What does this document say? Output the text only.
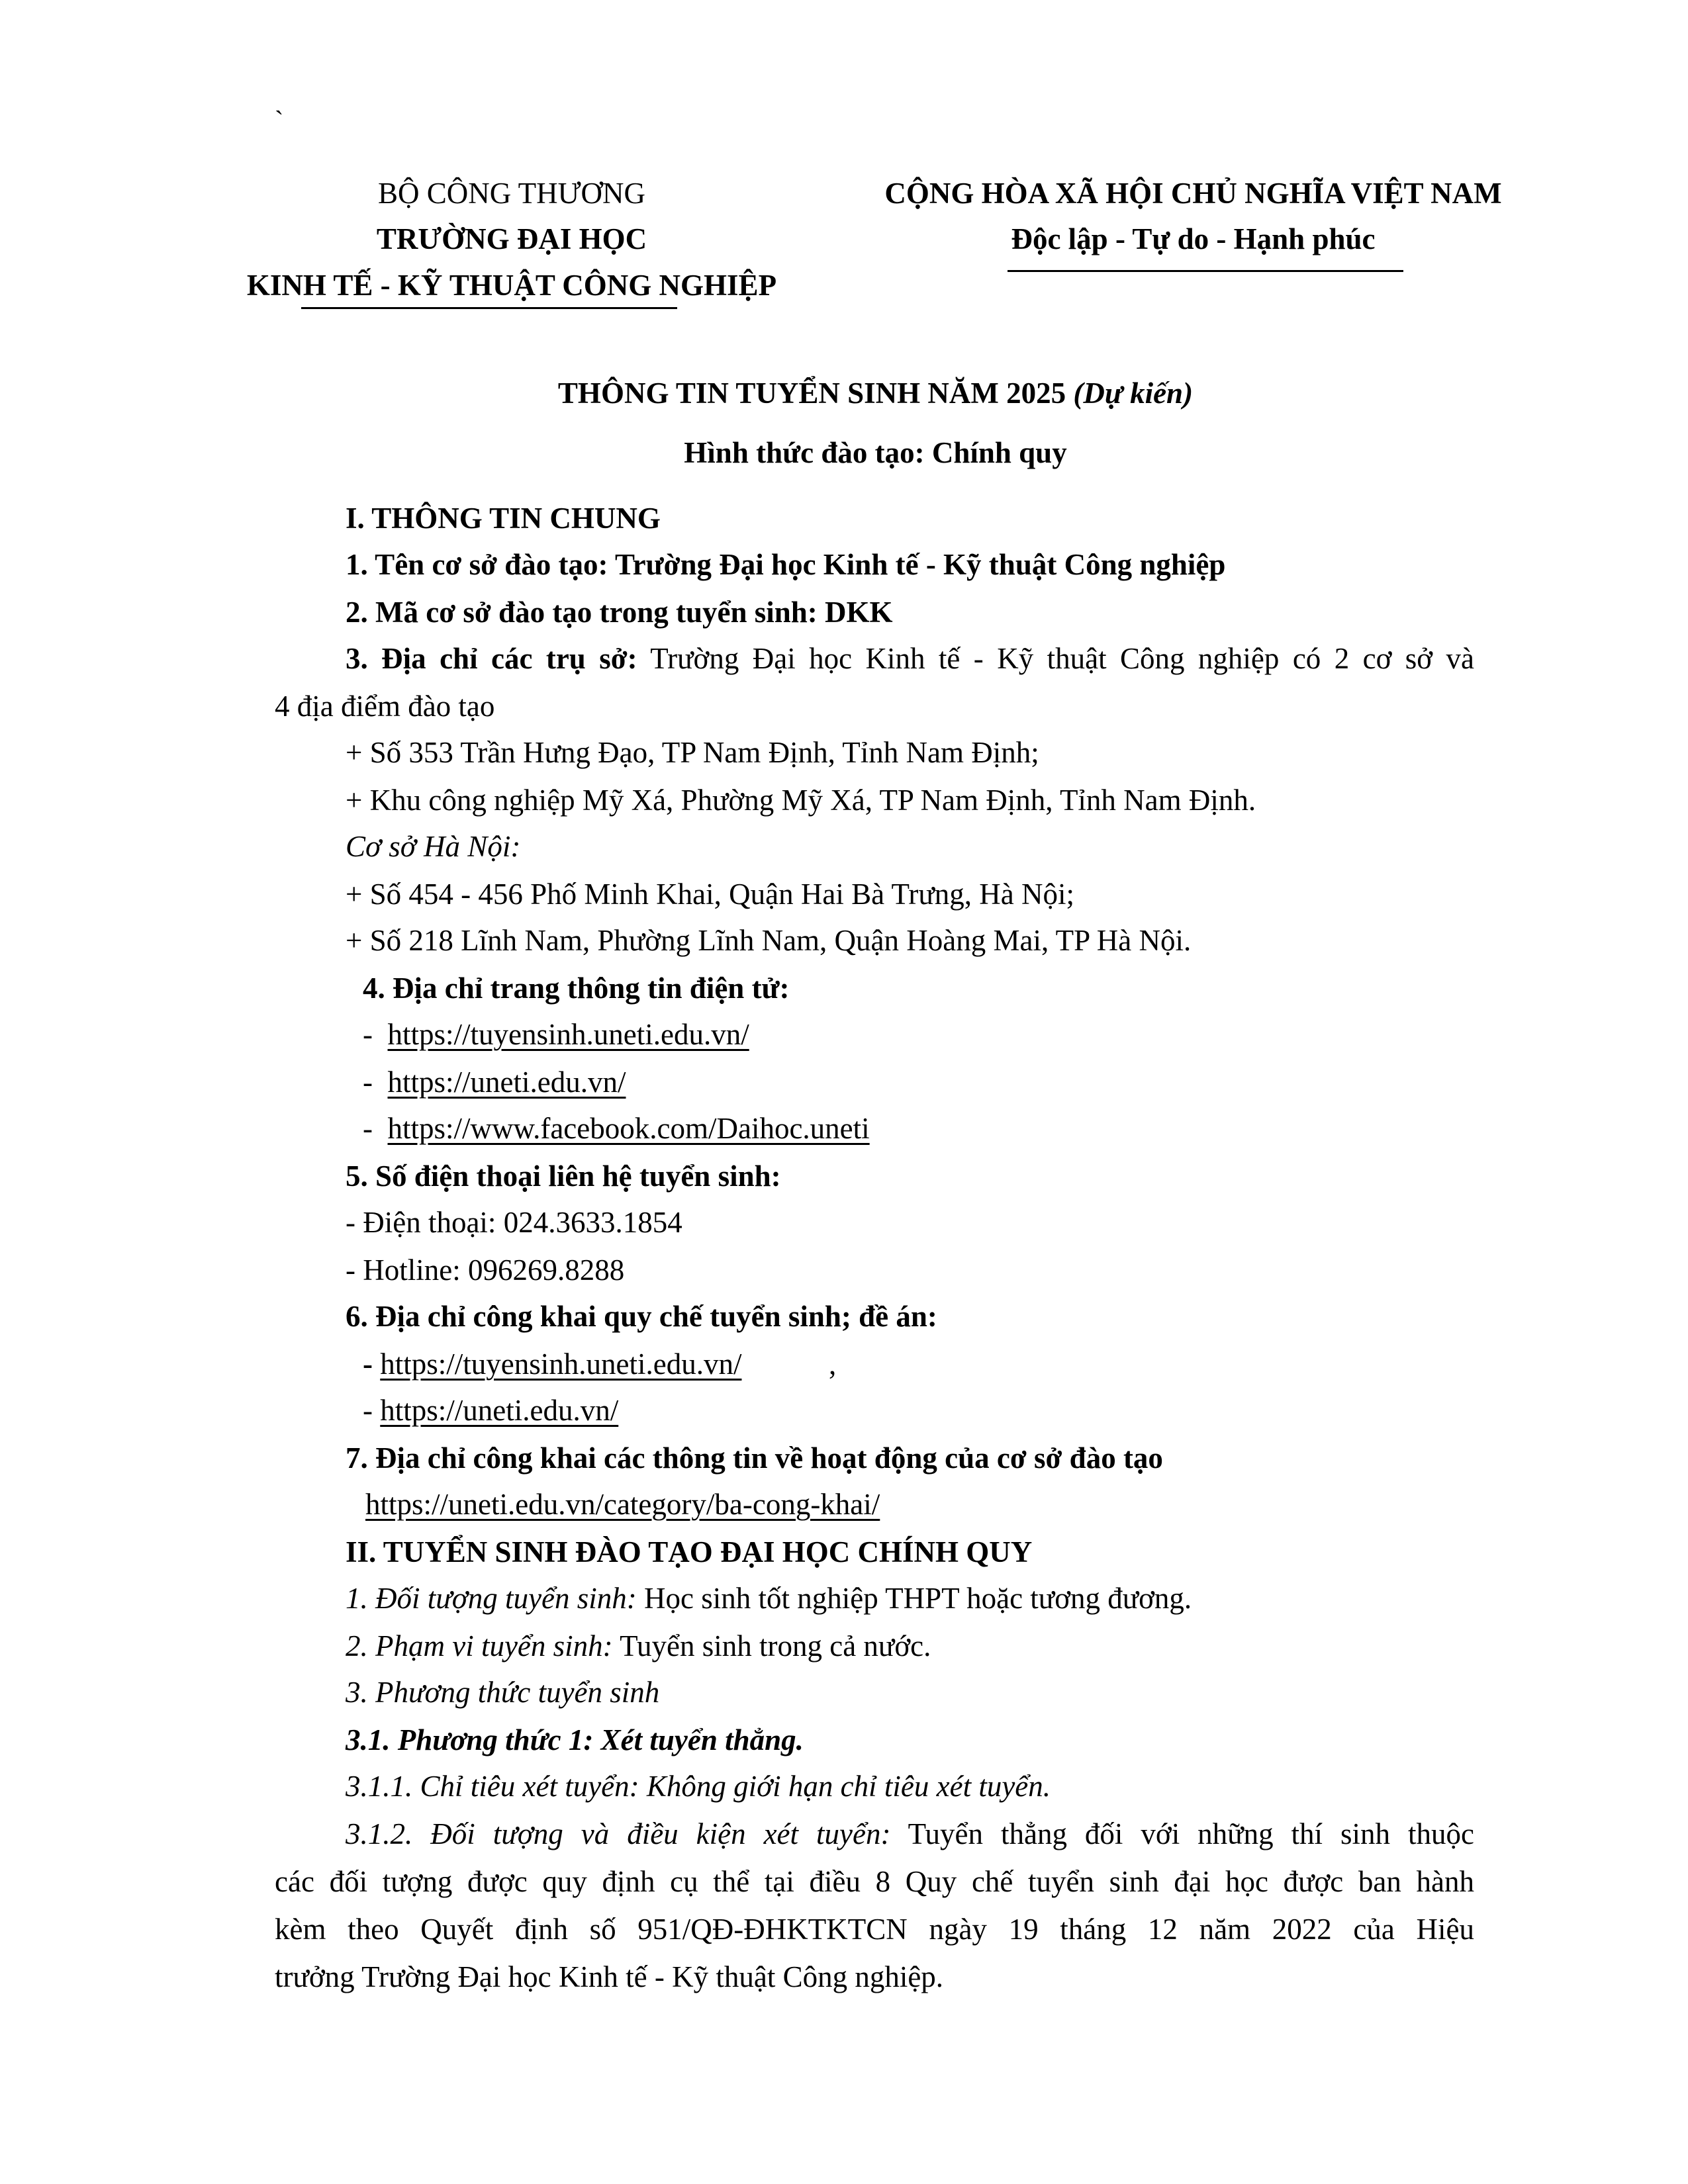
`
BỘ CÔNG THƯƠNG
TRƯỜNG ĐẠI HỌC
KINH TẾ - KỸ THUẬT CÔNG NGHIỆP
CỘNG HÒA XÃ HỘI CHỦ NGHĨA VIỆT NAM
Độc lập - Tự do - Hạnh phúc
THÔNG TIN TUYỂN SINH NĂM 2025 (Dự kiến)
Hình thức đào tạo: Chính quy
I. THÔNG TIN CHUNG
1. Tên cơ sở đào tạo: Trường Đại học Kinh tế - Kỹ thuật Công nghiệp
2. Mã cơ sở đào tạo trong tuyển sinh: DKK
3. Địa chỉ các trụ sở: Trường Đại học Kinh tế - Kỹ thuật Công nghiệp có 2 cơ sở và
4 địa điểm đào tạo
+ Số 353 Trần Hưng Đạo, TP Nam Định, Tỉnh Nam Định;
+ Khu công nghiệp Mỹ Xá, Phường Mỹ Xá, TP Nam Định, Tỉnh Nam Định.
Cơ sở Hà Nội:
+ Số 454 - 456 Phố Minh Khai, Quận Hai Bà Trưng, Hà Nội;
+ Số 218 Lĩnh Nam, Phường Lĩnh Nam, Quận Hoàng Mai, TP Hà Nội.
4. Địa chỉ trang thông tin điện tử:
- https://tuyensinh.uneti.edu.vn/
- https://uneti.edu.vn/
- https://www.facebook.com/Daihoc.uneti
5. Số điện thoại liên hệ tuyển sinh:
- Điện thoại: 024.3633.1854
- Hotline: 096269.8288
6. Địa chỉ công khai quy chế tuyển sinh; đề án:
- https://tuyensinh.uneti.edu.vn/	,
- https://uneti.edu.vn/
7. Địa chỉ công khai các thông tin về hoạt động của cơ sở đào tạo
https://uneti.edu.vn/category/ba-cong-khai/
II. TUYỂN SINH ĐÀO TẠO ĐẠI HỌC CHÍNH QUY
1. Đối tượng tuyển sinh: Học sinh tốt nghiệp THPT hoặc tương đương.
2. Phạm vi tuyển sinh: Tuyển sinh trong cả nước.
3. Phương thức tuyển sinh
3.1. Phương thức 1: Xét tuyển thẳng.
3.1.1. Chỉ tiêu xét tuyển: Không giới hạn chỉ tiêu xét tuyển.
3.1.2. Đối tượng và điều kiện xét tuyển: Tuyển thẳng đối với những thí sinh thuộc
các đối tượng được quy định cụ thể tại điều 8 Quy chế tuyển sinh đại học được ban hành
kèm theo Quyết định số 951/QĐ-ĐHKTKTCN ngày 19 tháng 12 năm 2022 của Hiệu
trưởng Trường Đại học Kinh tế - Kỹ thuật Công nghiệp.
